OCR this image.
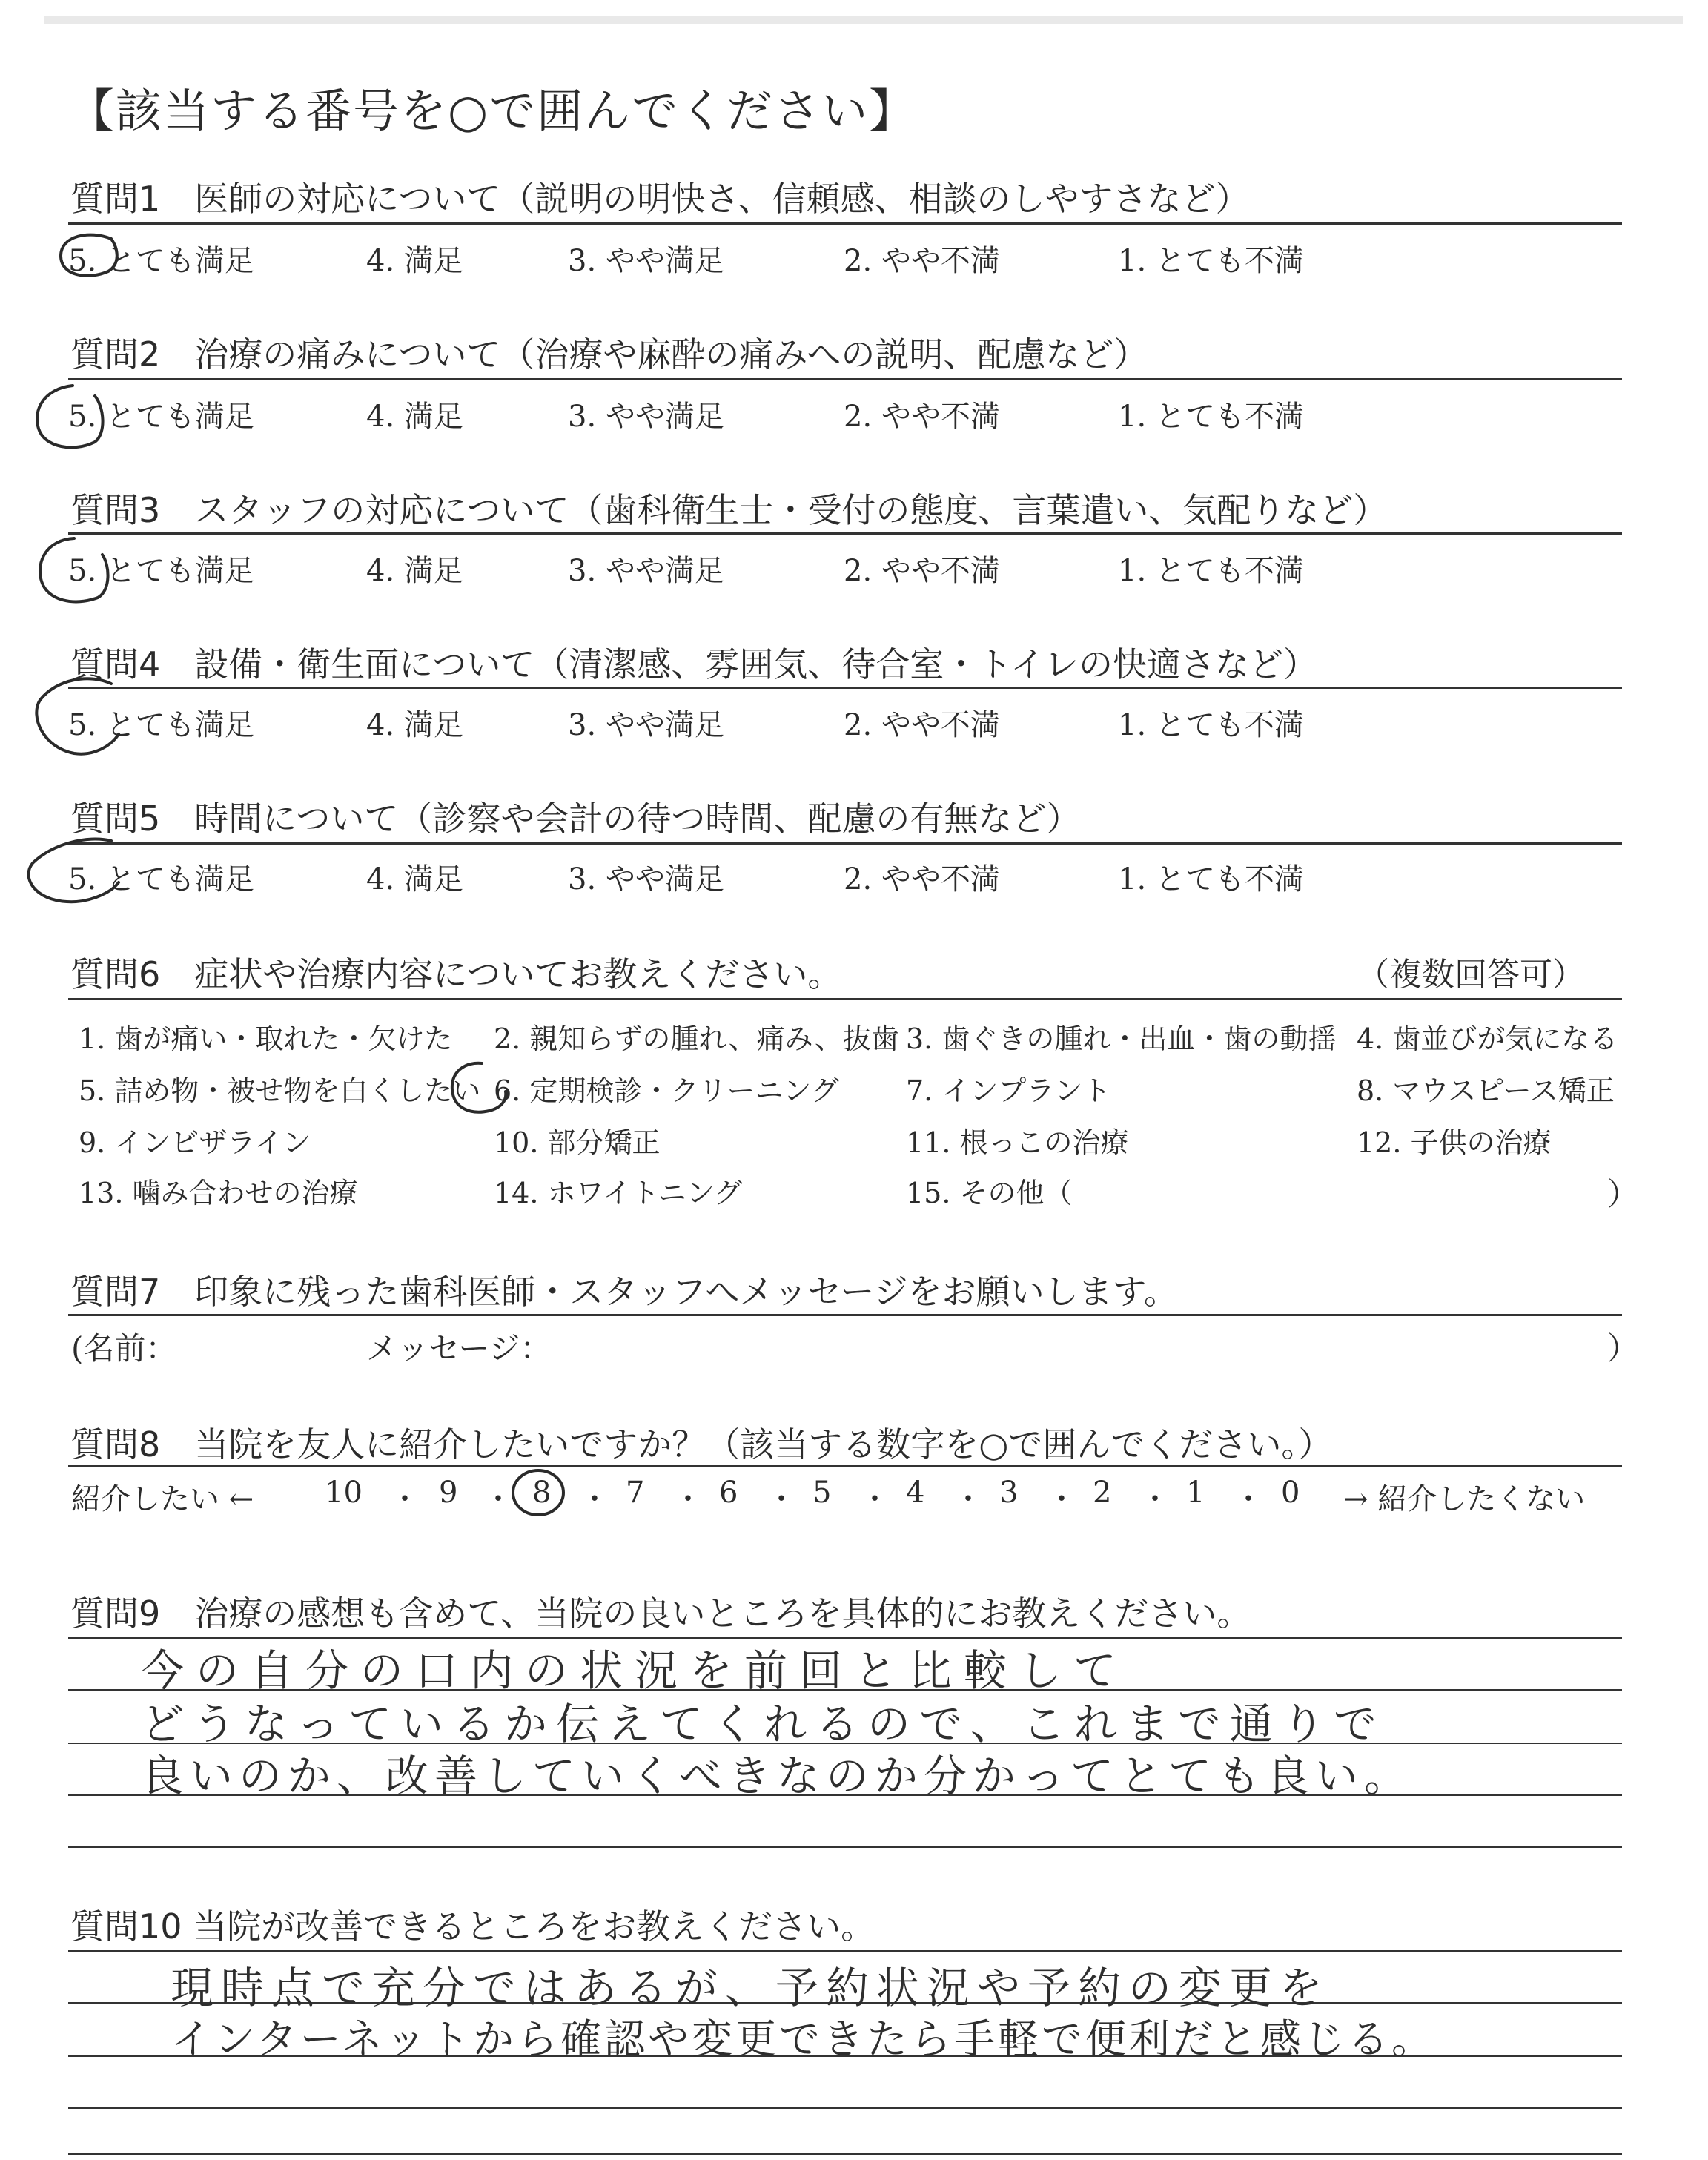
【該当する番号を○で囲んでください】
質問1　医師の対応について（説明の明快さ、信頼感、相談のしやすさなど）
5. とても満足	4. 満足	3. やや満足	2. やや不満	1. とても不満
質問2　治療の痛みについて（治療や麻酔の痛みへの説明、配慮など）
5. とても満足	4. 満足	3. やや満足	2. やや不満	1. とても不満
質問3　スタッフの対応について（歯科衛生士・受付の態度、言葉遣い、気配りなど）
5. とても満足	4. 満足	3. やや満足	2. やや不満	1. とても不満
質問4　設備・衛生面について（清潔感、雰囲気、待合室・トイレの快適さなど）
5. とても満足	4. 満足	3. やや満足	2. やや不満	1. とても不満
質問5　時間について（診察や会計の待つ時間、配慮の有無など）
5. とても満足	4. 満足	3. やや満足	2. やや不満	1. とても不満
質問6　症状や治療内容についてお教えください。	（複数回答可）
1. 歯が痛い・取れた・欠けた 2. 親知らずの腫れ、痛み、抜歯 3. 歯ぐきの腫れ・出血・歯の動揺 4. 歯並びが気になる
5. 詰め物・被せ物を白くしたい 6. 定期検診・クリーニング 7. インプラント	8. マウスピース矯正
9. インビザライン	10. 部分矯正	11. 根っこの治療	12. 子供の治療
13. 噛み合わせの治療	14. ホワイトニング	15. その他（	）
質問7　印象に残った歯科医師・スタッフへメッセージをお願いします。
(名前：	メッセージ：	）
質問8　当院を友人に紹介したいですか？（該当する数字を○で囲んでください。）
紹介したい ← 10 ・ 9 ・ 8 ・ 7 ・ 6 ・ 5 ・ 4 ・ 3 ・ 2 ・ 1 ・ 0 → 紹介したくない
質問9　治療の感想も含めて、当院の良いところを具体的にお教えください。
今の自分の口内の状況を前回と比較して
どうなっているか伝えてくれるので、これまで通りで
良いのか、改善していくべきなのか分かってとても良い。
質問10 当院が改善できるところをお教えください。
現時点で充分ではあるが、予約状況や予約の変更を
インターネットから確認や変更できたら手軽で便利だと感じる。
